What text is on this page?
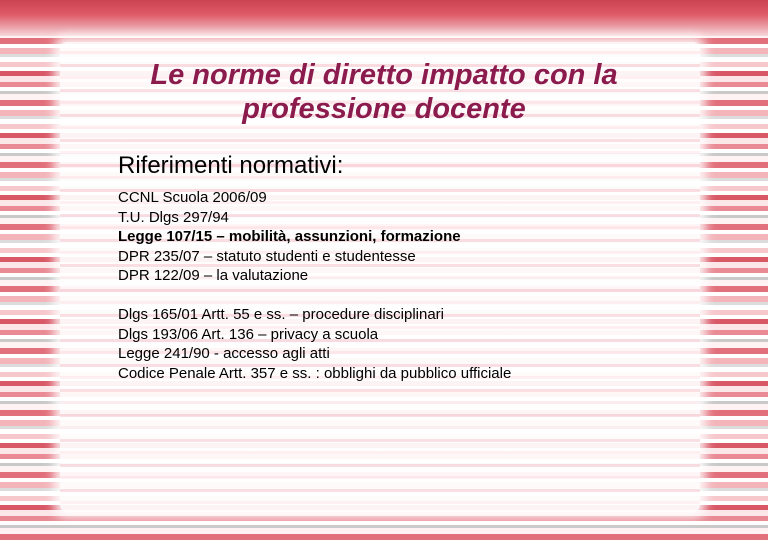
Le norme di diretto impatto con la
professione docente
Riferimenti normativi:
CCNL Scuola 2006/09
T.U. Dlgs 297/94
Legge 107/15 – mobilità, assunzioni, formazione
DPR 235/07 – statuto studenti e studentesse
DPR 122/09 – la valutazione
Dlgs 165/01 Artt. 55 e ss. – procedure disciplinari
Dlgs 193/06 Art. 136 – privacy a scuola
Legge 241/90 - accesso agli atti
Codice Penale Artt. 357 e ss. : obblighi da pubblico ufficiale
